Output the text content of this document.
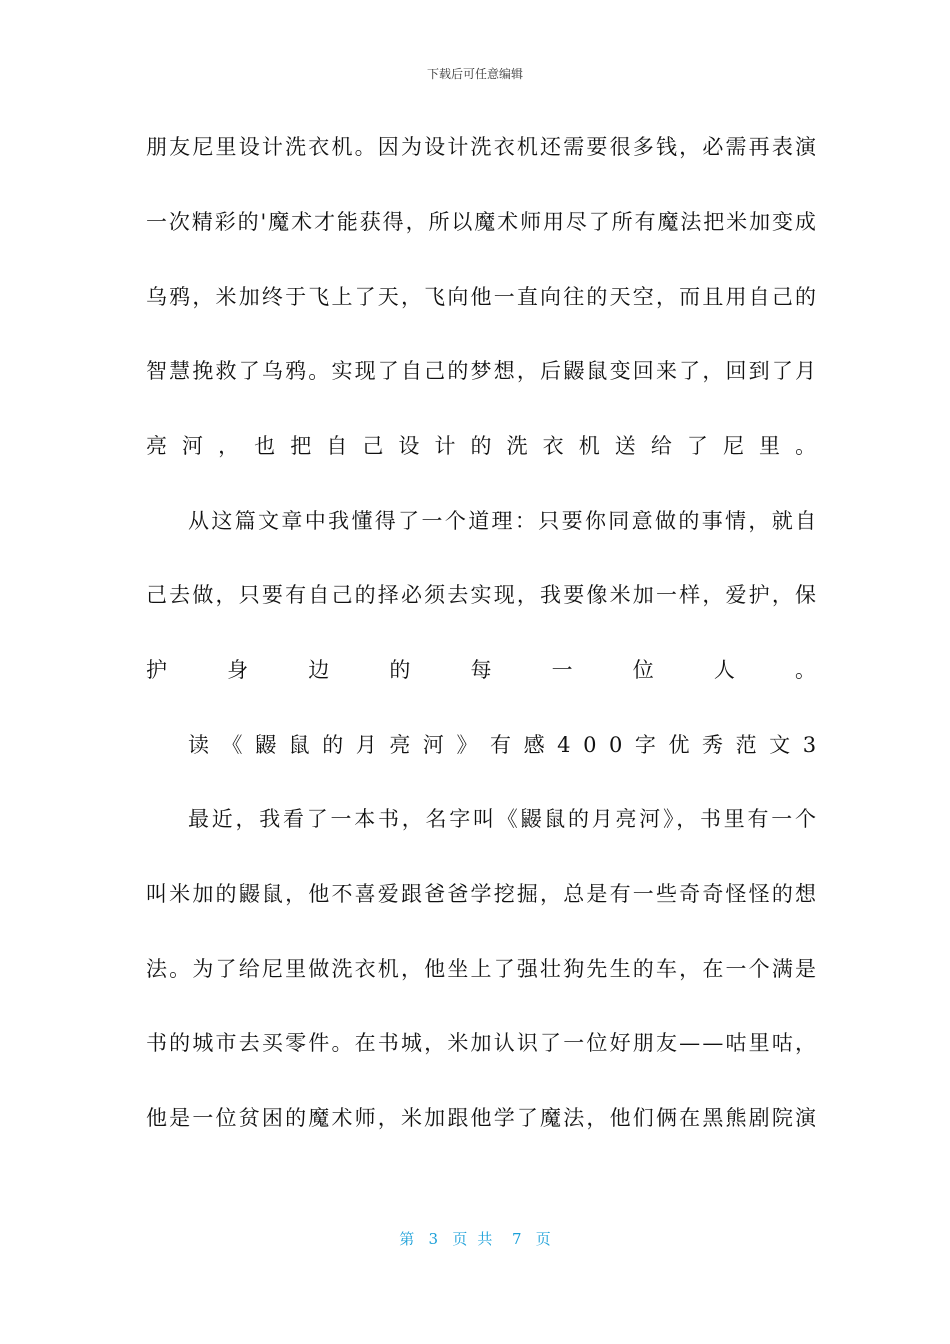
下载后可任意编辑
朋友尼里设计洗衣机。因为设计洗衣机还需要很多钱，必需再表演
一次精彩的'魔术才能获得，所以魔术师用尽了所有魔法把米加变成
乌鸦，米加终于飞上了天，飞向他一直向往的天空，而且用自己的
智慧挽救了乌鸦。实现了自己的梦想，后鼹鼠变回来了，回到了月
亮河，也把自己设计的洗衣机送给了尼里。
从这篇文章中我懂得了一个道理：只要你同意做的事情，就自
己去做，只要有自己的择必须去实现，我要像米加一样，爱护，保
护身边的每一位人。
读《鼹鼠的月亮河》有感400字优秀范文3
最近，我看了一本书，名字叫《鼹鼠的月亮河》，书里有一个
叫米加的鼹鼠，他不喜爱跟爸爸学挖掘，总是有一些奇奇怪怪的想
法。为了给尼里做洗衣机，他坐上了强壮狗先生的车，在一个满是
书的城市去买零件。在书城，米加认识了一位好朋友——咕里咕，
他是一位贫困的魔术师，米加跟他学了魔法，他们俩在黑熊剧院演
第 3 页共 7 页
